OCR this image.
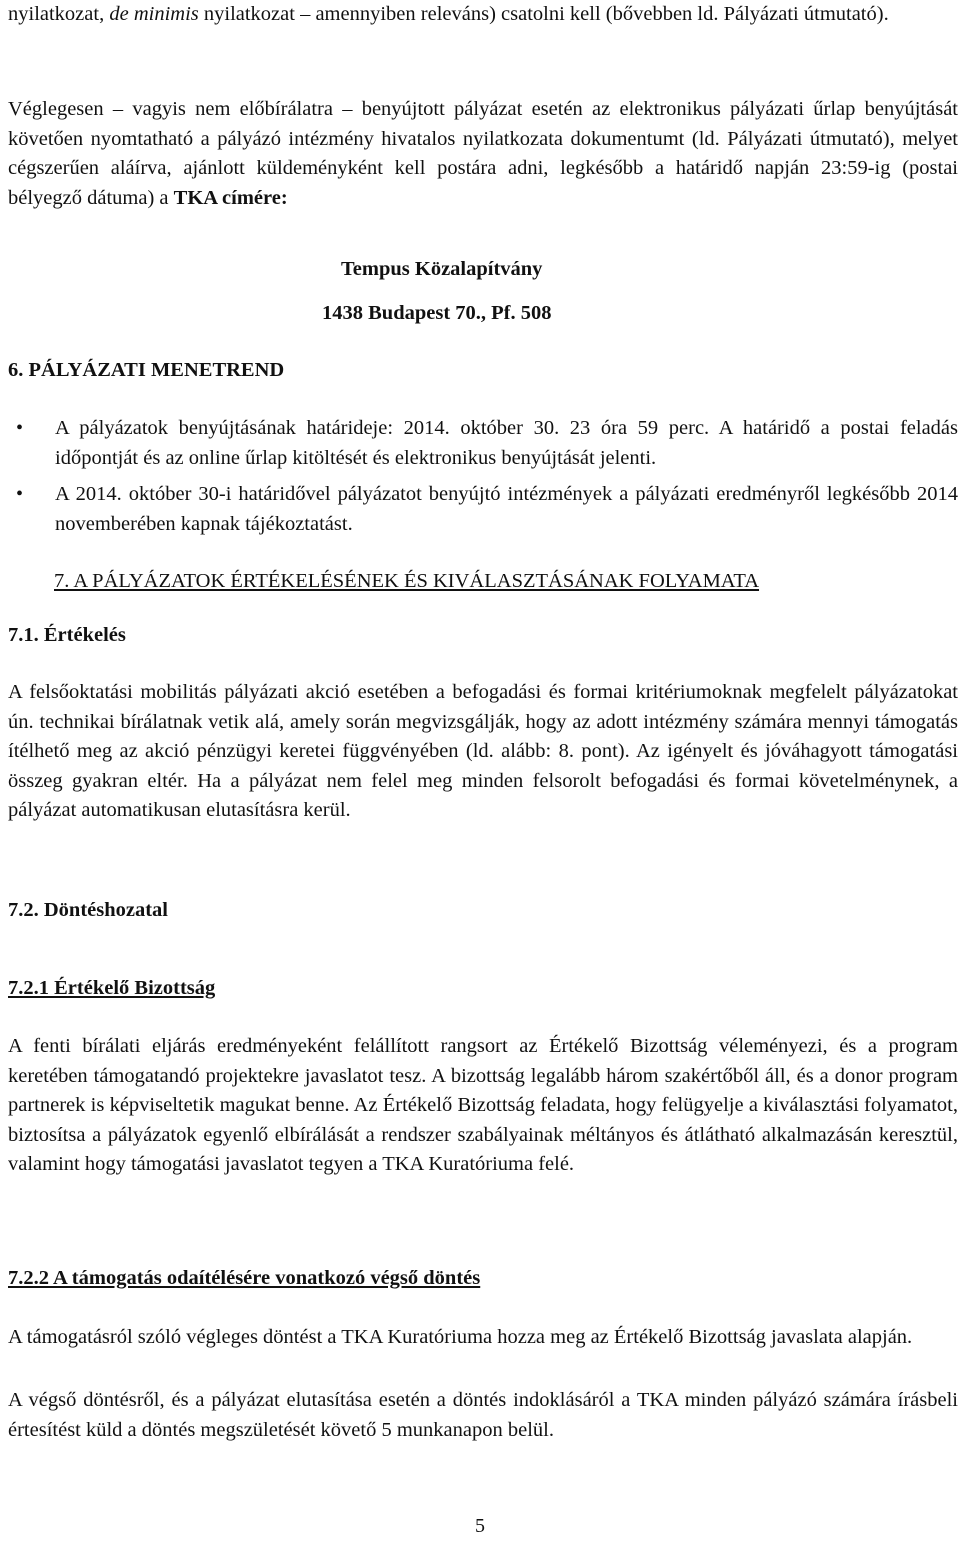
nyilatkozat, de minimis nyilatkozat – amennyiben releváns) csatolni kell (bővebben ld. Pályázati útmutató).

Véglegesen – vagyis nem előbírálatra – benyújtott pályázat esetén az elektronikus pályázati űrlap benyújtását követően nyomtatható a pályázó intézmény hivatalos nyilatkozata dokumentumt (ld. Pályázati útmutató), melyet cégszerűen aláírva, ajánlott küldeményként kell postára adni, legkésőbb a határidő napján 23:59-ig (postai bélyegző dátuma) a TKA címére:

Tempus Közalapítvány
1438 Budapest 70., Pf. 508
6. PÁLYÁZATI MENETREND
• A pályázatok benyújtásának határideje: 2014. október 30. 23 óra 59 perc. A határidő a postai feladás időpontját és az online űrlap kitöltését és elektronikus benyújtását jelenti.
• A 2014. október 30-i határidővel pályázatot benyújtó intézmények a pályázati eredményről legkésőbb 2014 novemberében kapnak tájékoztatást.
7. A PÁLYÁZATOK ÉRTÉKELÉSÉNEK ÉS KIVÁLASZTÁSÁNAK FOLYAMATA
7.1. Értékelés

A felsőoktatási mobilitás pályázati akció esetében a befogadási és formai kritériumoknak megfelelt pályázatokat ún. technikai bírálatnak vetik alá, amely során megvizsgálják, hogy az adott intézmény számára mennyi támogatás ítélhető meg az akció pénzügyi keretei függvényében (ld. alább: 8. pont). Az igényelt és jóváhagyott támogatási összeg gyakran eltér. Ha a pályázat nem felel meg minden felsorolt befogadási és formai követelménynek, a pályázat automatikusan elutasításra kerül.

7.2. Döntéshozatal
7.2.1 Értékelő Bizottság

A fenti bírálati eljárás eredményeként felállított rangsort az Értékelő Bizottság véleményezi, és a program keretében támogatandó projektekre javaslatot tesz. A bizottság legalább három szakértőből áll, és a donor program partnerek is képviseltetik magukat benne. Az Értékelő Bizottság feladata, hogy felügyelje a kiválasztási folyamatot, biztosítsa a pályázatok egyenlő elbírálását a rendszer szabályainak méltányos és átlátható alkalmazásán keresztül, valamint hogy támogatási javaslatot tegyen a TKA Kuratóriuma felé.

7.2.2 A támogatás odaítélésére vonatkozó végső döntés

A támogatásról szóló végleges döntést a TKA Kuratóriuma hozza meg az Értékelő Bizottság javaslata alapján.

A végső döntésről, és a pályázat elutasítása esetén a döntés indoklásáról a TKA minden pályázó számára írásbeli értesítést küld a döntés megszületését követő 5 munkanapon belül.

5
